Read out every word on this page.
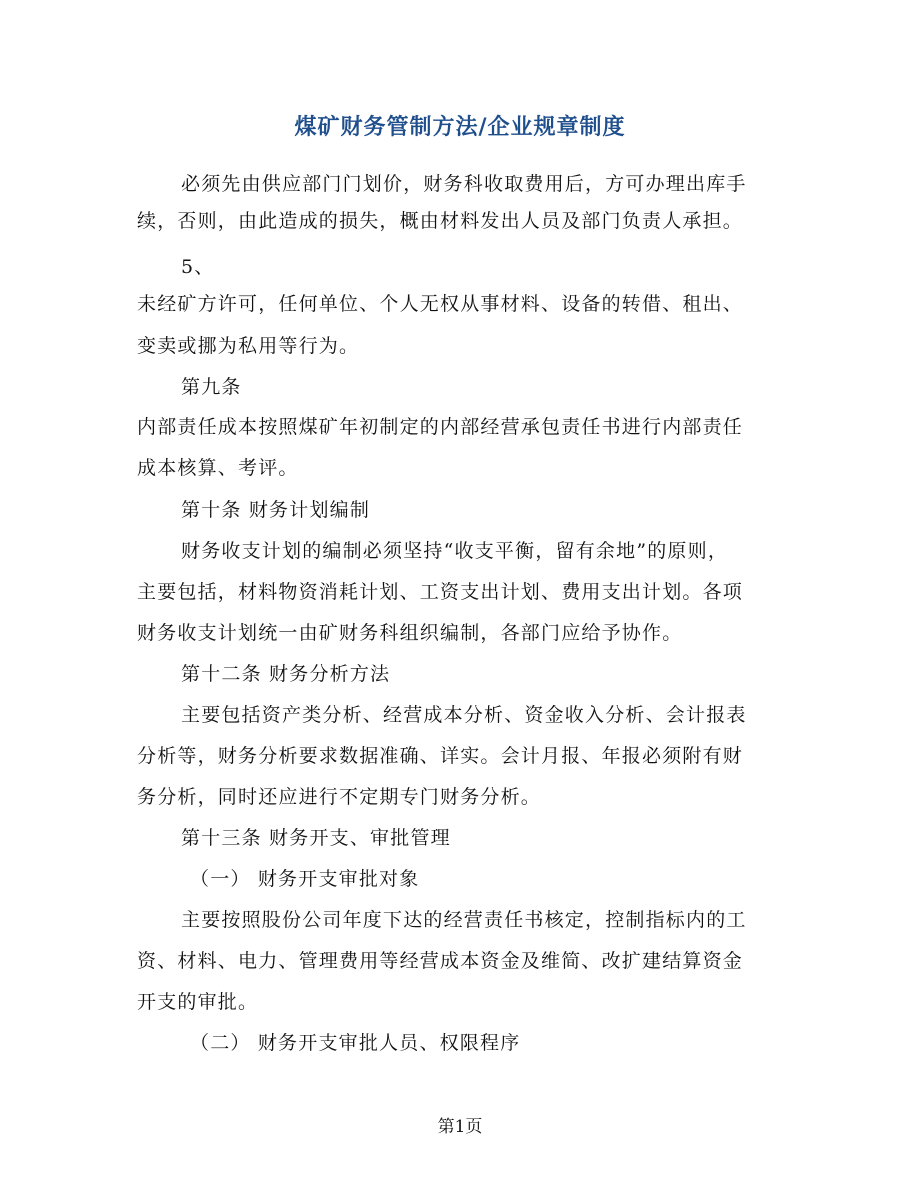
煤矿财务管制方法/企业规章制度
必须先由供应部门门划价，财务科收取费用后，方可办理出库手
续，否则，由此造成的损失，概由材料发出人员及部门负责人承担。
5、
未经矿方许可，任何单位、个人无权从事材料、设备的转借、租出、
变卖或挪为私用等行为。
第九条
内部责任成本按照煤矿年初制定的内部经营承包责任书进行内部责任
成本核算、考评。
第十条 财务计划编制
财务收支计划的编制必须坚持“收支平衡，留有余地”的原则，
主要包括，材料物资消耗计划、工资支出计划、费用支出计划。各项
财务收支计划统一由矿财务科组织编制，各部门应给予协作。
第十二条 财务分析方法
主要包括资产类分析、经营成本分析、资金收入分析、会计报表
分析等，财务分析要求数据准确、详实。会计月报、年报必须附有财
务分析，同时还应进行不定期专门财务分析。
第十三条 财务开支、审批管理
（一） 财务开支审批对象
主要按照股份公司年度下达的经营责任书核定，控制指标内的工
资、材料、电力、管理费用等经营成本资金及维简、改扩建结算资金
开支的审批。
（二） 财务开支审批人员、权限程序
第1页
